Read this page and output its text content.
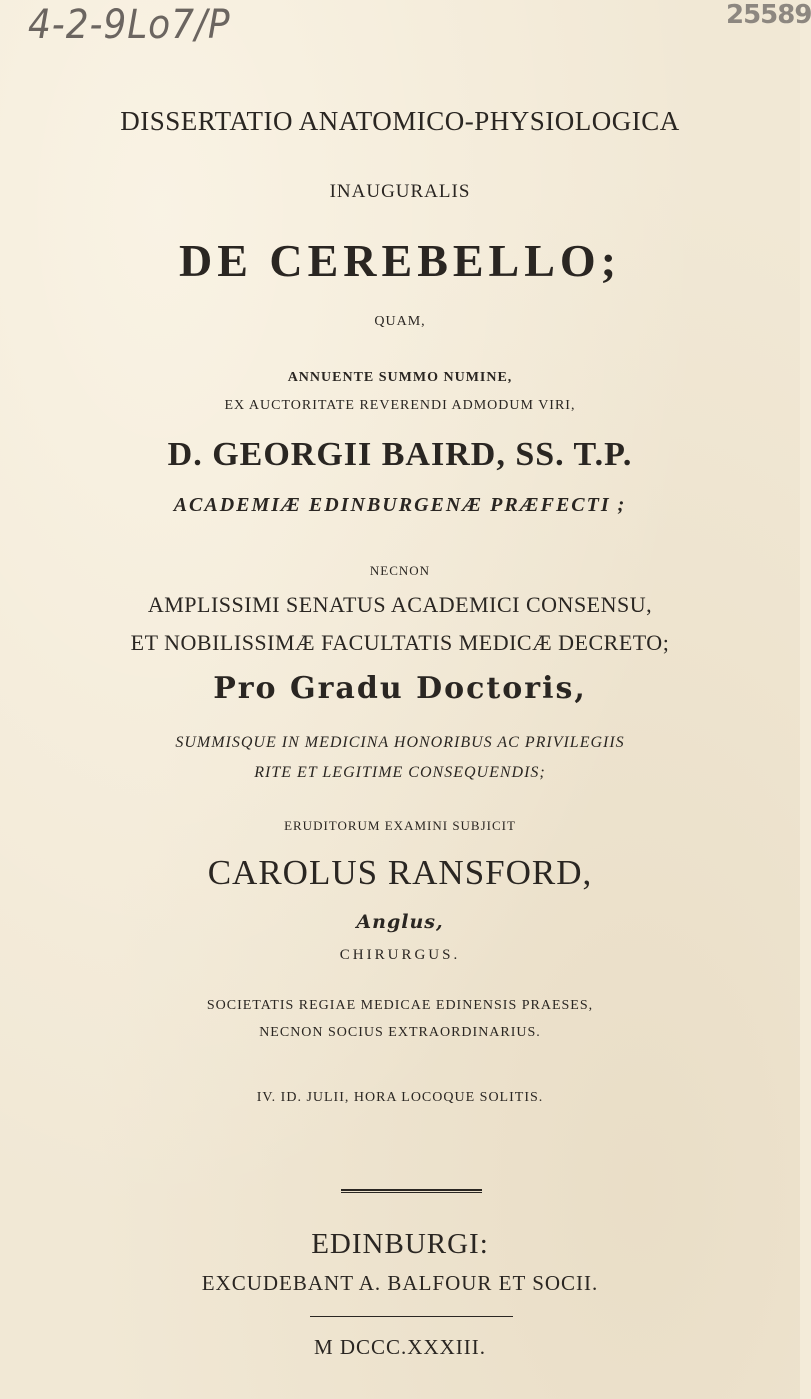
4-2-9Lo7/P	25589
DISSERTATIO ANATOMICO-PHYSIOLOGICA
INAUGURALIS
DE CEREBELLO;
QUAM,
ANNUENTE SUMMO NUMINE,
EX AUCTORITATE REVERENDI ADMODUM VIRI,
D. GEORGII BAIRD, SS. T.P.
ACADEMIÆ EDINBURGENÆ PRÆFECTI ;
NECNON
AMPLISSIMI SENATUS ACADEMICI CONSENSU,
ET NOBILISSIMÆ FACULTATIS MEDICÆ DECRETO;
Pro Gradu Doctoris,
SUMMISQUE IN MEDICINA HONORIBUS AC PRIVILEGIIS
RITE ET LEGITIME CONSEQUENDIS;
ERUDITORUM EXAMINI SUBJICIT
CAROLUS RANSFORD,
Anglus,
CHIRURGUS.
SOCIETATIS REGIAE MEDICAE EDINENSIS PRAESES,
NECNON SOCIUS EXTRAORDINARIUS.
IV. ID. JULII, HORA LOCOQUE SOLITIS.
EDINBURGI:
EXCUDEBANT A. BALFOUR ET SOCII.
M DCCC.XXXIII.
